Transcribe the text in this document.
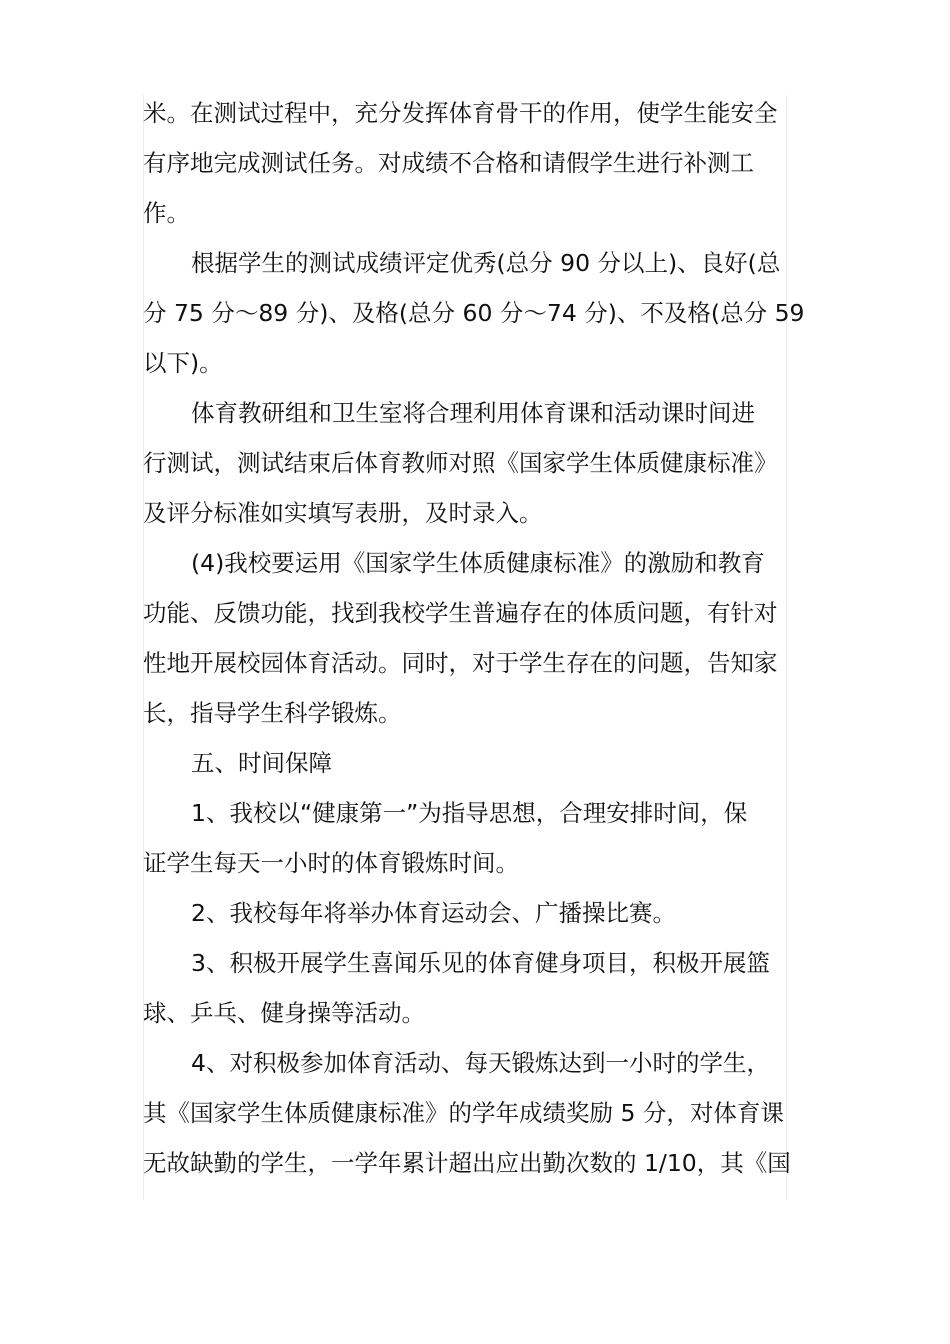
米。在测试过程中，充分发挥体育骨干的作用，使学生能安全
有序地完成测试任务。对成绩不合格和请假学生进行补测工
作。
根据学生的测试成绩评定优秀(总分 90 分以上)、良好(总
分 75 分～89 分)、及格(总分 60 分～74 分)、不及格(总分 59
以下)。
体育教研组和卫生室将合理利用体育课和活动课时间进
行测试，测试结束后体育教师对照《国家学生体质健康标准》
及评分标准如实填写表册，及时录入。
(4)我校要运用《国家学生体质健康标准》的激励和教育
功能、反馈功能，找到我校学生普遍存在的体质问题，有针对
性地开展校园体育活动。同时，对于学生存在的问题，告知家
长，指导学生科学锻炼。
五、时间保障
1、我校以“健康第一”为指导思想，合理安排时间，保
证学生每天一小时的体育锻炼时间。
2、我校每年将举办体育运动会、广播操比赛。
3、积极开展学生喜闻乐见的体育健身项目，积极开展篮
球、乒乓、健身操等活动。
4、对积极参加体育活动、每天锻炼达到一小时的学生，
其《国家学生体质健康标准》的学年成绩奖励 5 分，对体育课
无故缺勤的学生，一学年累计超出应出勤次数的 1/10，其《国
